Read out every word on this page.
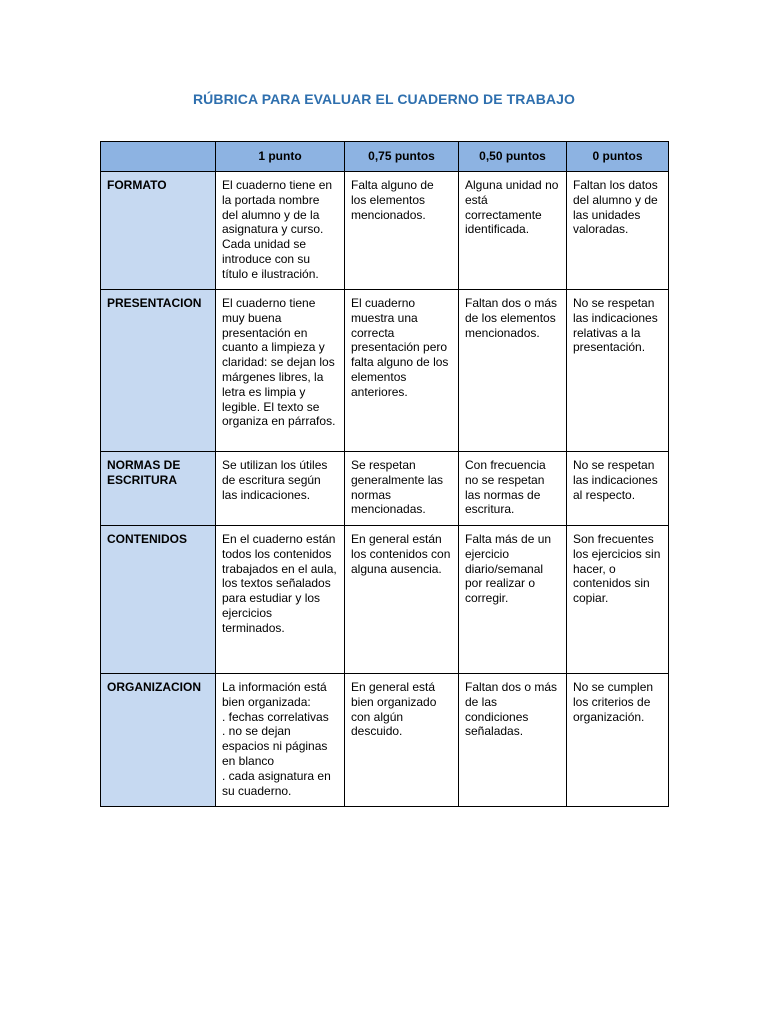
RÚBRICA PARA EVALUAR EL CUADERNO DE TRABAJO
	1 punto	0,75 puntos	0,50 puntos	0 puntos
FORMATO	El cuaderno tiene en la portada nombre del alumno y de la asignatura y curso. Cada unidad se introduce con su título e ilustración.	Falta alguno de los elementos mencionados.	Alguna unidad no está correctamente identificada.	Faltan los datos del alumno y de las unidades valoradas.
PRESENTACION	El cuaderno tiene muy buena presentación en cuanto a limpieza y claridad: se dejan los márgenes libres, la letra es limpia y legible. El texto se organiza en párrafos.	El cuaderno muestra una correcta presentación pero falta alguno de los elementos anteriores.	Faltan dos o más de los elementos mencionados.	No se respetan las indicaciones relativas a la presentación.
NORMAS DE ESCRITURA	Se utilizan los útiles de escritura según las indicaciones.	Se respetan generalmente las normas mencionadas.	Con frecuencia no se respetan las normas de escritura.	No se respetan las indicaciones al respecto.
CONTENIDOS	En el cuaderno están todos los contenidos trabajados en el aula, los textos señalados para estudiar y los ejercicios terminados.	En general están los contenidos con alguna ausencia.	Falta más de un ejercicio diario/semanal por realizar o corregir.	Son frecuentes los ejercicios sin hacer, o contenidos sin copiar.
ORGANIZACION	La información está bien organizada:
. fechas correlativas
. no se dejan espacios ni páginas en blanco
. cada asignatura en su cuaderno.	En general está bien organizado con algún descuido.	Faltan dos o más de las condiciones señaladas.	No se cumplen los criterios de organización.
